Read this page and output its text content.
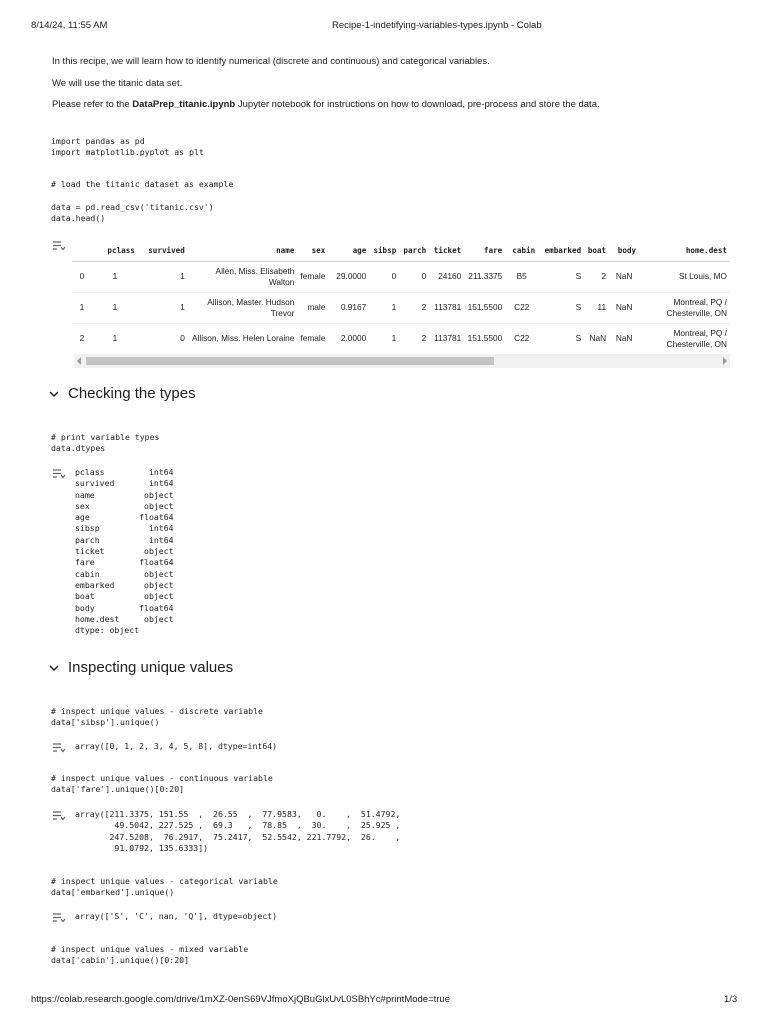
8/14/24, 11:55 AM	Recipe-1-indetifying-variables-types.ipynb - Colab
In this recipe, we will learn how to identify numerical (discrete and continuous) and categorical variables.
We will use the titanic data set.
Please refer to the DataPrep_titanic.ipynb Jupyter notebook for instructions on how to download, pre-process and store the data.
import pandas as pd
import matplotlib.pyplot as plt
# load the titanic dataset as example

data = pd.read_csv('titanic.csv')
data.head()
	pclass	survived	name	sex	age	sibsp	parch	ticket	fare	cabin	embarked	boat	body	home.dest
0	1	1	Allen, Miss. Elisabeth Walton	female	29.0000	0	0	24160	211.3375	B5	S	2	NaN	St Louis, MO
1	1	1	Allison, Master. Hudson Trevor	male	0.9167	1	2	113781	151.5500	C22	S	11	NaN	Montreal, PQ / Chesterville, ON
2	1	0	Allison, Miss. Helen Loraine	female	2.0000	1	2	113781	151.5500	C22	S	NaN	NaN	Montreal, PQ / Chesterville, ON
Checking the types
# print variable types
data.dtypes
pclass         int64
survived       int64
name          object
sex           object
age          float64
sibsp          int64
parch          int64
ticket        object
fare         float64
cabin         object
embarked      object
boat          object
body         float64
home.dest     object
dtype: object
Inspecting unique values
# inspect unique values - discrete variable
data['sibsp'].unique()
array([0, 1, 2, 3, 4, 5, 8], dtype=int64)
# inspect unique values - continuous variable
data['fare'].unique()[0:20]
array([211.3375, 151.55  ,  26.55  ,  77.9583,   0.    ,  51.4792,
49.5042, 227.525 ,  69.3   ,  78.85  ,  30.    ,  25.925 ,
247.5208,  76.2917,  75.2417,  52.5542, 221.7792,  26.    ,
91.0792, 135.6333])
# inspect unique values - categorical variable
data['embarked'].unique()
array(['S', 'C', nan, 'Q'], dtype=object)
# inspect unique values - mixed variable
data['cabin'].unique()[0:20]
https://colab.research.google.com/drive/1mXZ-0enS69VJfmoXjQBuGlxUvL0SBhYc#printMode=true	1/3
